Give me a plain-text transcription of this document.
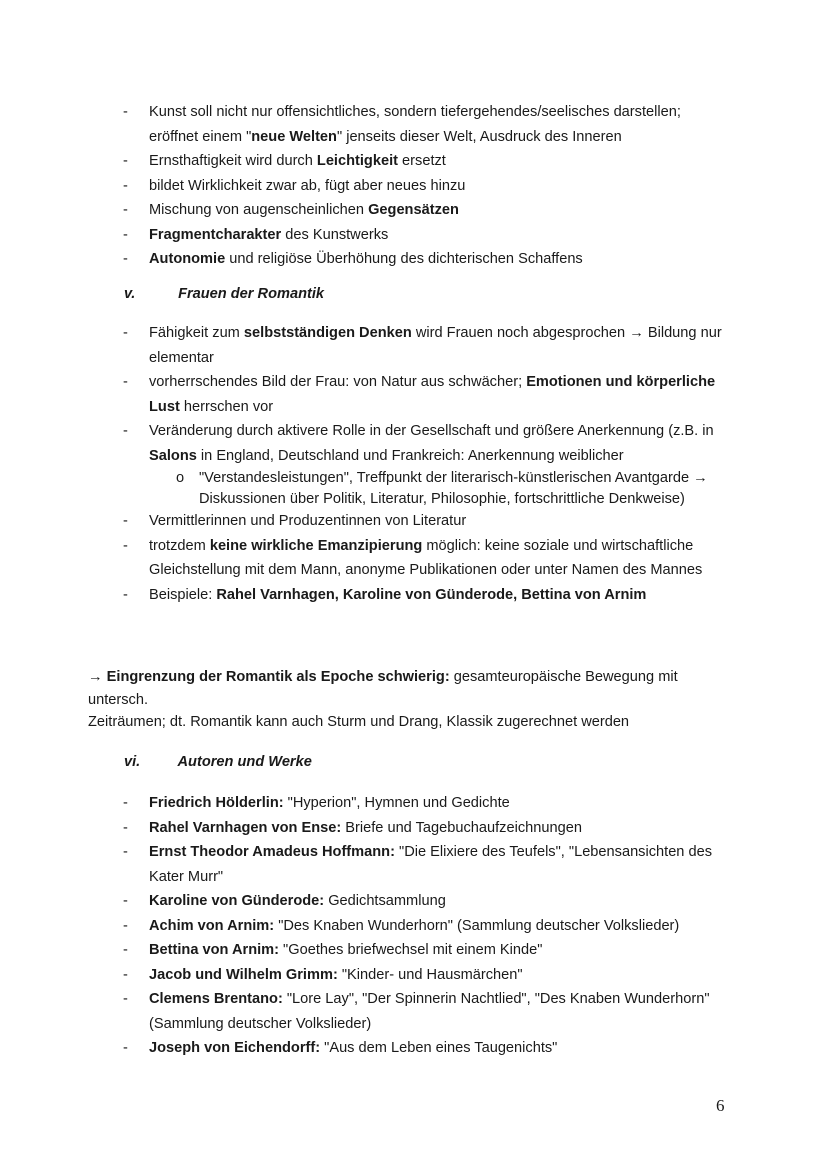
-	Kunst soll nicht nur offensichtliches, sondern tiefergehendes/seelisches darstellen; eröffnet einem "neue Welten" jenseits dieser Welt, Ausdruck des Inneren
-	Ernsthaftigkeit wird durch Leichtigkeit ersetzt
-	bildet Wirklichkeit zwar ab, fügt aber neues hinzu
-	Mischung von augenscheinlichen Gegensätzen
-	Fragmentcharakter des Kunstwerks
-	Autonomie und religiöse Überhöhung des dichterischen Schaffens
v.	Frauen der Romantik
-	Fähigkeit zum selbstständigen Denken wird Frauen noch abgesprochen → Bildung nur elementar
-	vorherrschendes Bild der Frau: von Natur aus schwächer; Emotionen und körperliche Lust herrschen vor
-	Veränderung durch aktivere Rolle in der Gesellschaft und größere Anerkennung (z.B. in Salons in England, Deutschland und Frankreich: Anerkennung weiblicher
o "Verstandesleistungen", Treffpunkt der literarisch-künstlerischen Avantgarde → Diskussionen über Politik, Literatur, Philosophie, fortschrittliche Denkweise)
-	Vermittlerinnen und Produzentinnen von Literatur
-	trotzdem keine wirkliche Emanzipierung möglich: keine soziale und wirtschaftliche Gleichstellung mit dem Mann, anonyme Publikationen oder unter Namen des Mannes
-	Beispiele: Rahel Varnhagen, Karoline von Günderode, Bettina von Arnim
→ Eingrenzung der Romantik als Epoche schwierig: gesamteuropäische Bewegung mit
untersch.
Zeiträumen; dt. Romantik kann auch Sturm und Drang, Klassik zugerechnet werden
vi.	Autoren und Werke
-	Friedrich Hölderlin: "Hyperion", Hymnen und Gedichte
-	Rahel Varnhagen von Ense: Briefe und Tagebuchaufzeichnungen
-	Ernst Theodor Amadeus Hoffmann: "Die Elixiere des Teufels", "Lebensansichten des Kater Murr"
-	Karoline von Günderode: Gedichtsammlung
-	Achim von Arnim: "Des Knaben Wunderhorn" (Sammlung deutscher Volkslieder)
-	Bettina von Arnim: "Goethes briefwechsel mit einem Kinde"
-	Jacob und Wilhelm Grimm: "Kinder- und Hausmärchen"
-	Clemens Brentano: "Lore Lay", "Der Spinnerin Nachtlied", "Des Knaben Wunderhorn" (Sammlung deutscher Volkslieder)
-	Joseph von Eichendorff: "Aus dem Leben eines Taugenichts"
6
